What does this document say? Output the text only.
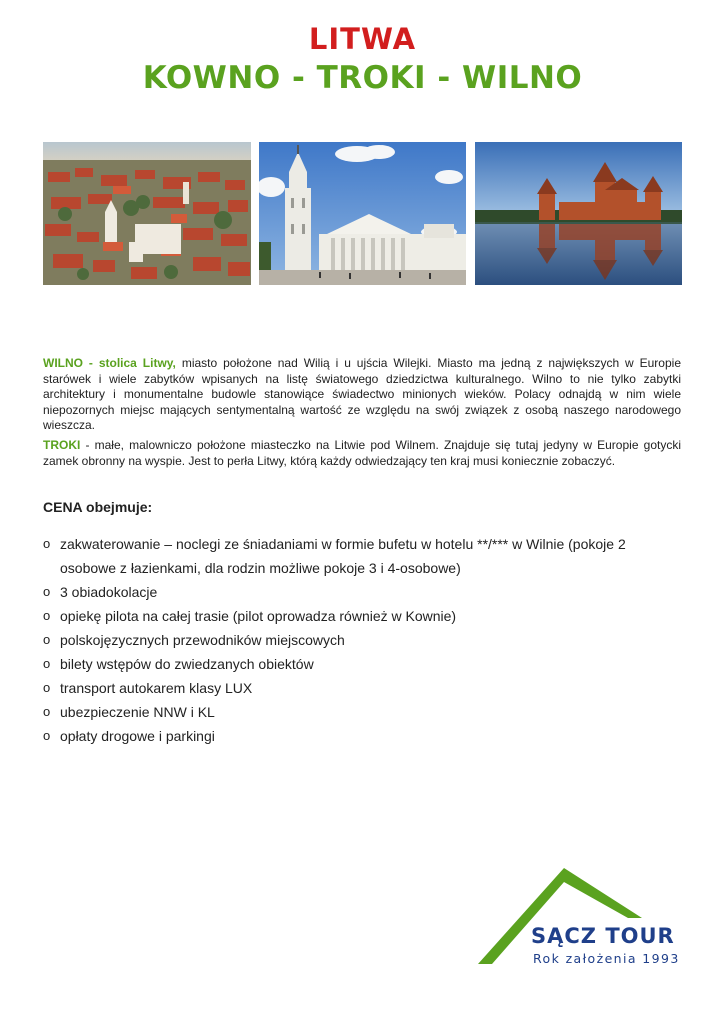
LITWA
KOWNO - TROKI - WILNO

WILNO - stolica Litwy, miasto położone nad Wilią i u ujścia Wilejki. Miasto ma jedną z największych w Europie starówek i wiele zabytków wpisanych na listę światowego dziedzictwa kulturalnego. Wilno to nie tylko zabytki architektury i monumentalne budowle stanowiące świadectwo minionych wieków. Polacy odnajdą w nim wiele niepozornych miejsc mających sentymentalną wartość ze względu na swój związek z osobą naszego narodowego wieszcza.

TROKI - małe, malowniczo położone miasteczko na Litwie pod Wilnem. Znajduje się tutaj jedyny w Europie gotycki zamek obronny na wyspie. Jest to perła Litwy, którą każdy odwiedzający ten kraj musi koniecznie zobaczyć.

CENA obejmuje:
o zakwaterowanie – noclegi ze śniadaniami w formie bufetu w hotelu **/*** w Wilnie (pokoje 2 osobowe z łazienkami, dla rodzin możliwe pokoje 3 i 4-osobowe)
o 3 obiadokolacje
o opiekę pilota na całej trasie (pilot oprowadza również w Kownie)
o polskojęzycznych przewodników miejscowych
o bilety wstępów do zwiedzanych obiektów
o transport autokarem klasy LUX
o ubezpieczenie NNW i KL
o opłaty drogowe i parkingi
SĄCZ TOUR
Rok założenia 1993
